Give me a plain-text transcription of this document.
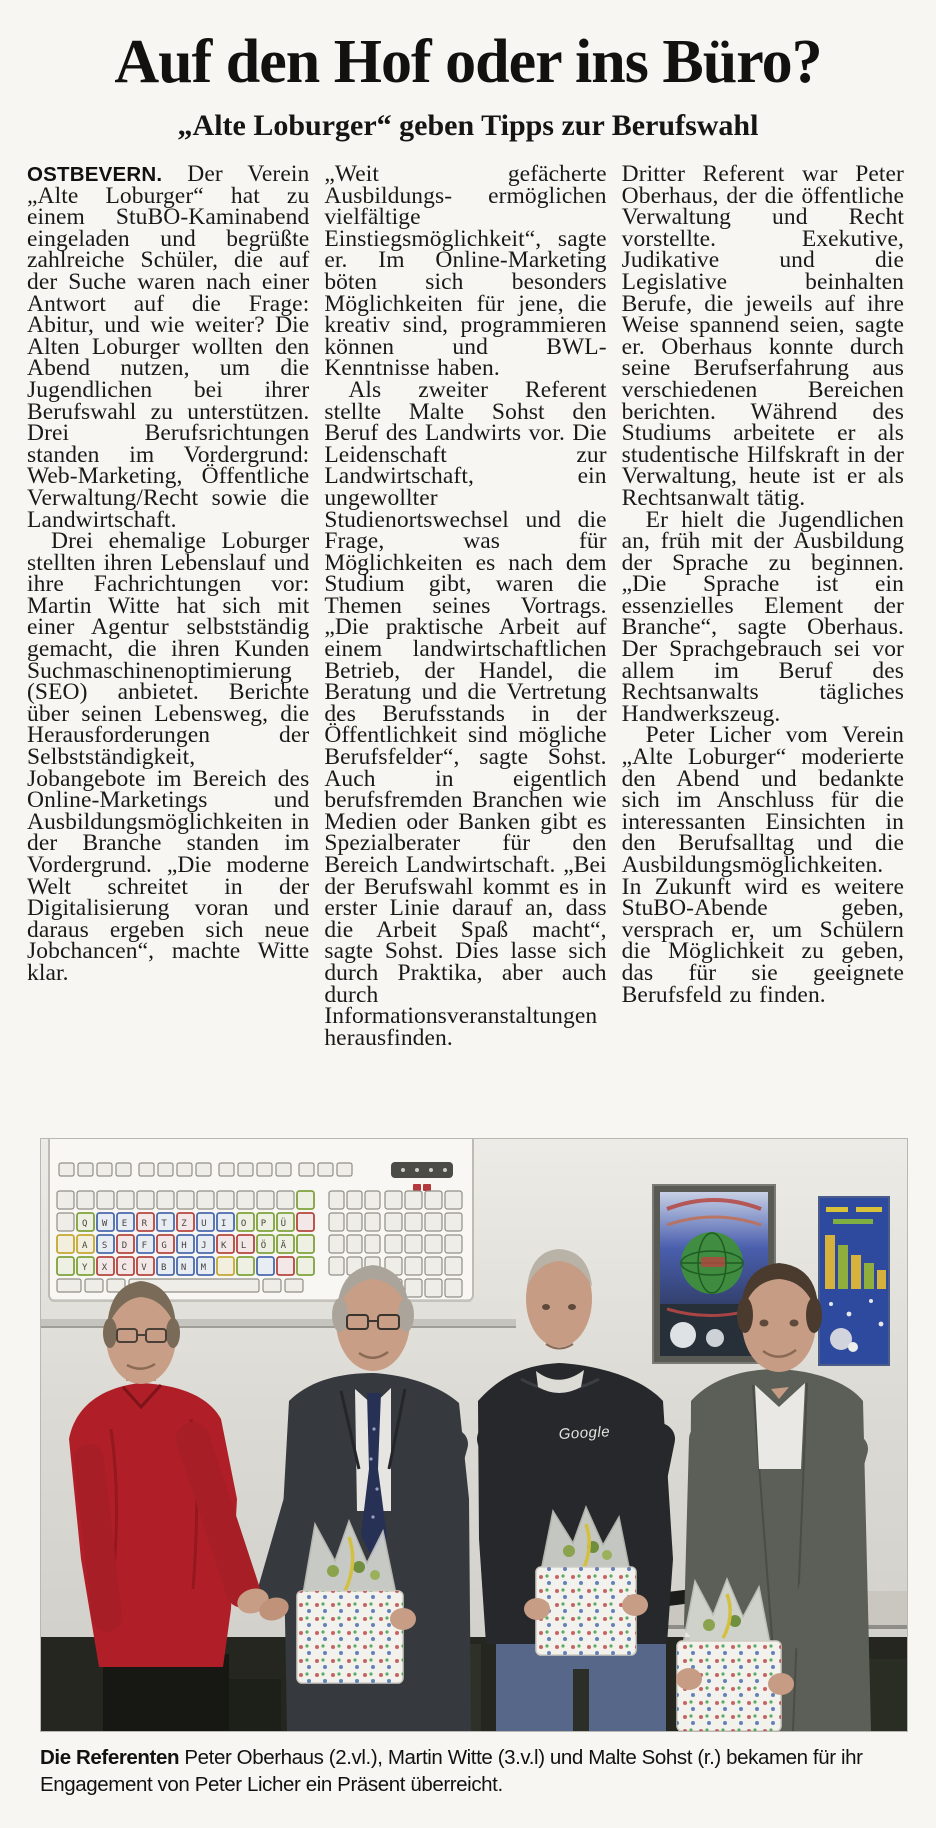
Auf den Hof oder ins Büro?
„Alte Loburger“ geben Tipps zur Berufswahl

OSTBEVERN. Der Verein „Alte Loburger“ hat zu einem StuBO-Kaminabend eingeladen und begrüßte zahlreiche Schüler, die auf der Suche waren nach einer Antwort auf die Frage: Abitur, und wie weiter? Die Alten Loburger wollten den Abend nutzen, um die Jugendlichen bei ihrer Berufswahl zu unterstützen. Drei Berufsrichtungen standen im Vordergrund: Web-Marketing, Öffentliche Verwaltung/Recht sowie die Landwirtschaft.

Drei ehemalige Loburger stellten ihren Lebenslauf und ihre Fachrichtungen vor: Martin Witte hat sich mit einer Agentur selbstständig gemacht, die ihren Kunden Suchmaschinenoptimierung (SEO) anbietet. Berichte über seinen Lebensweg, die Herausforderungen der Selbstständigkeit, Jobangebote im Bereich des Online-Marketings und Ausbildungsmöglichkeiten in der Branche standen im Vordergrund. „Die moderne Welt schreitet in der Digitalisierung voran und daraus ergeben sich neue Jobchancen“, machte Witte klar.

„Weit gefächerte Ausbildungs- ermöglichen vielfältige Einstiegsmöglichkeit“, sagte er. Im Online-Marketing böten sich besonders Möglichkeiten für jene, die kreativ sind, programmieren können und BWL-Kenntnisse haben.

Als zweiter Referent stellte Malte Sohst den Beruf des Landwirts vor. Die Leidenschaft zur Landwirtschaft, ein ungewollter Studienortswechsel und die Frage, was für Möglichkeiten es nach dem Studium gibt, waren die Themen seines Vortrags. „Die praktische Arbeit auf einem landwirtschaftlichen Betrieb, der Handel, die Beratung und die Vertretung des Berufsstands in der Öffentlichkeit sind mögliche Berufsfelder“, sagte Sohst. Auch in eigentlich berufsfremden Branchen wie Medien oder Banken gibt es Spezialberater für den Bereich Landwirtschaft. „Bei der Berufswahl kommt es in erster Linie darauf an, dass die Arbeit Spaß macht“, sagte Sohst. Dies lasse sich durch Praktika, aber auch durch Informationsveranstaltungen herausfinden.

Dritter Referent war Peter Oberhaus, der die öffentliche Verwaltung und Recht vorstellte. Exekutive, Judikative und die Legislative beinhalten Berufe, die jeweils auf ihre Weise spannend seien, sagte er. Oberhaus konnte durch seine Berufserfahrung aus verschiedenen Bereichen berichten. Während des Studiums arbeitete er als studentische Hilfskraft in der Verwaltung, heute ist er als Rechtsanwalt tätig.

Er hielt die Jugendlichen an, früh mit der Ausbildung der Sprache zu beginnen. „Die Sprache ist ein essenzielles Element der Branche“, sagte Oberhaus. Der Sprachgebrauch sei vor allem im Beruf des Rechtsanwalts tägliches Handwerkszeug.

Peter Licher vom Verein „Alte Loburger“ moderierte den Abend und bedankte sich im Anschluss für die interessanten Einsichten in den Berufsalltag und die Ausbildungsmöglichkeiten. In Zukunft wird es weitere StuBO-Abende geben, versprach er, um Schülern die Möglichkeit zu geben, das für sie geeignete Berufsfeld zu finden.

QWERTZUIOPÜ
ASDFGHJKLÖÄ
YXCVBNM
Google
Die Referenten Peter Oberhaus (2.vl.), Martin Witte (3.v.l) und Malte Sohst (r.) bekamen für ihr Engagement von Peter Licher ein Präsent überreicht.
